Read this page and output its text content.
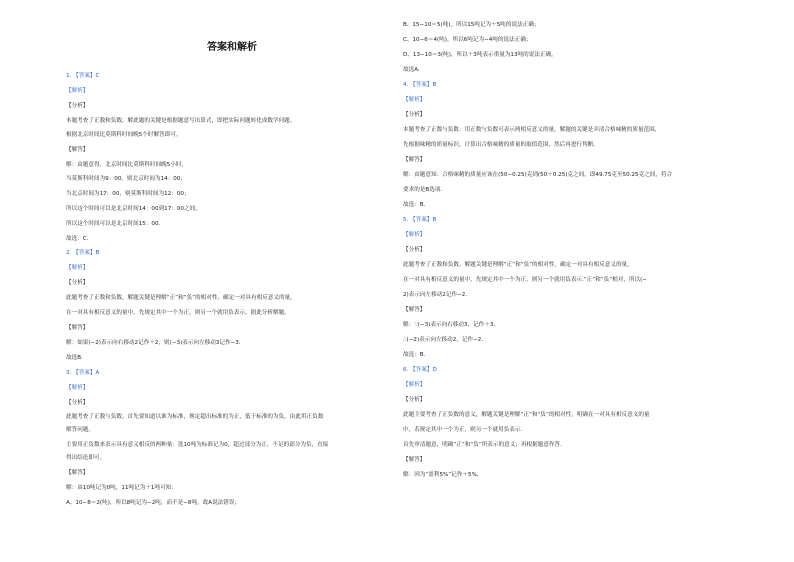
答案和解析
1. 【答案】C
【解析】
【分析】
本题考查了正数和负数，解此题的关键是根据题意写出算式，即把实际问题转化成数学问题。
根据北京时间比莫斯科时间晚5个时解答即可。
【解答】
解：由题意得，北京时间比莫斯科时间晚5小时，
当莫斯科时间为9：00，则北京时间为14：00；
当北京时间为17：00，则莫斯科时间为12：00；
所以这个时间可以是北京时间14：00到17：00之间，
所以这个时间可以是北京时间15：00.
故选：C.
2. 【答案】B
【解析】
【分析】
此题考查了正数和负数，解题关键是理解“正”和“负”的相对性，确定一对具有相反意义的量，
在一对具有相反意义的量中，先规定其中一个为正，则另一个就用负表示，据此分析解题。
【解答】
解：如果(−2)表示向右移动2记作＋2，则(−3)表示向左移动3记作−3.
故选B.
3. 【答案】A
【解析】
【分析】
此题考查了正数与负数，首先要知道以谁为标准，规定超出标准的为正，低于标准的为负，由此用正负数
解答问题。
主要用正负数来表示具有意义相反的两种量：选10吨为标准记为0，超过部分为正，不足的部分为负，直接
得出结论即可。
【解答】
解：由10吨记为0吨，11吨记为＋1吨可知：
A、10−8＝2(吨)，所以8吨记为−2吨，而不是−8吨，故A说法错误；
B、15−10＝5(吨)，所以15吨记为＋5吨的说法正确；
C、10−6＝4(吨)，所以6吨记为−4吨的说法正确；
D、13−10＝3(吨)，所以＋3吨表示重量为13吨的说法正确。
故选A.
4. 【答案】B
【解析】
【分析】
本题考查了正数与负数：用正数与负数可表示两相反意义的量，解题的关键是弄清合格味精的质量范围，
先根据味精的质量标识，计算出合格味精的质量的取值范围，然后再进行判断。
【解答】
解：由题意知：合格味精的质量应该在(50−0.25)克到(50＋0.25)克之间，即49.75克至50.25克之间，符合
要求的是B选项.
故选：B.
5. 【答案】B
【解析】
【分析】
此题考查了正数和负数，解题关键是理解“正”和“负”的相对性，确定一对具有相反意义的量，
在一对具有相反意义的量中，先规定其中一个为正，则另一个就用负表示.“正”和“负”相对，所以(−
2)表示向左移动2记作−2.
【解答】
解：∵(−3)表示向右移动3，记作＋3，
∴(−2)表示向左移动2，记作−2.
故选：B.
6. 【答案】D
【解析】
【分析】
此题主要考查了正负数的意义，解题关键是理解“正”和“负”的相对性，明确在一对具有相反意义的量
中，若规定其中一个为正，则另一个就用负表示.
首先审清题意，明确“正”和“负”所表示的意义；再根据题意作答.
【解答】
解：因为“盈利5%”记作＋5%，
